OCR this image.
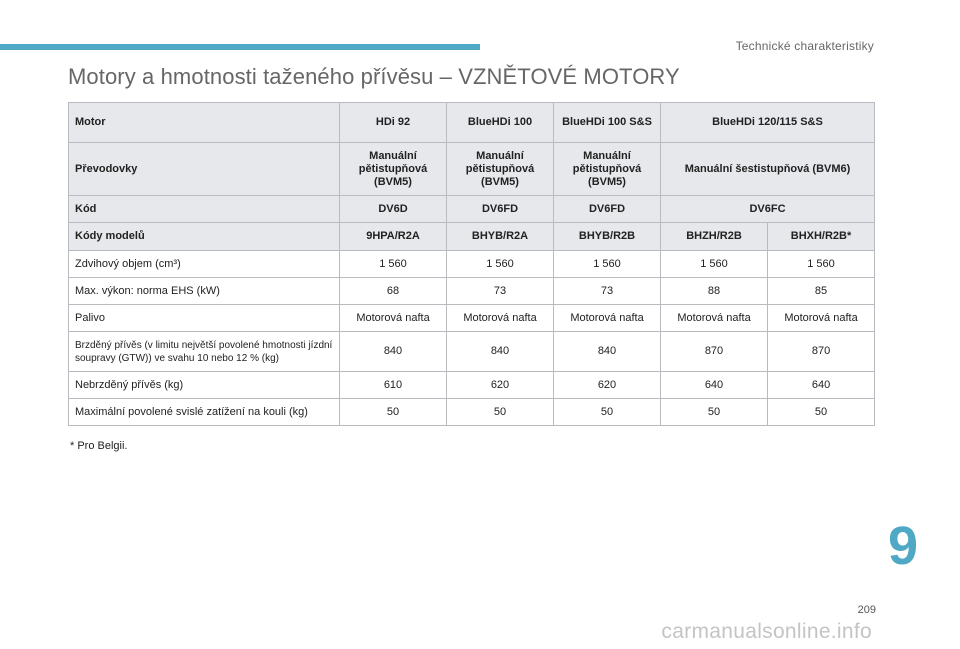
Technické charakteristiky
Motory a hmotnosti taženého přívěsu – VZNĚTOVÉ MOTORY
Motor	HDi 92	BlueHDi 100	BlueHDi 100 S&S	BlueHDi 120/115 S&S	
Převodovky	Manuální pětistupňová (BVM5)	Manuální pětistupňová (BVM5)	Manuální pětistupňová (BVM5)	Manuální šestistupňová (BVM6)	
Kód	DV6D	DV6FD	DV6FD	DV6FC	
Kódy modelů	9HPA/R2A	BHYB/R2A	BHYB/R2B	BHZH/R2B	BHXH/R2B*
Zdvihový objem (cm³)	1 560	1 560	1 560	1 560	1 560
Max. výkon: norma EHS (kW)	68	73	73	88	85
Palivo	Motorová nafta	Motorová nafta	Motorová nafta	Motorová nafta	Motorová nafta
Brzděný přívěs (v limitu největší povolené hmotnosti jízdní soupravy (GTW)) ve svahu 10 nebo 12 % (kg)	840	840	840	870	870
Nebrzděný přívěs (kg)	610	620	620	640	640
Maximální povolené svislé zatížení na kouli (kg)	50	50	50	50	50
* Pro Belgii.
9
209
carmanualsonline.info
